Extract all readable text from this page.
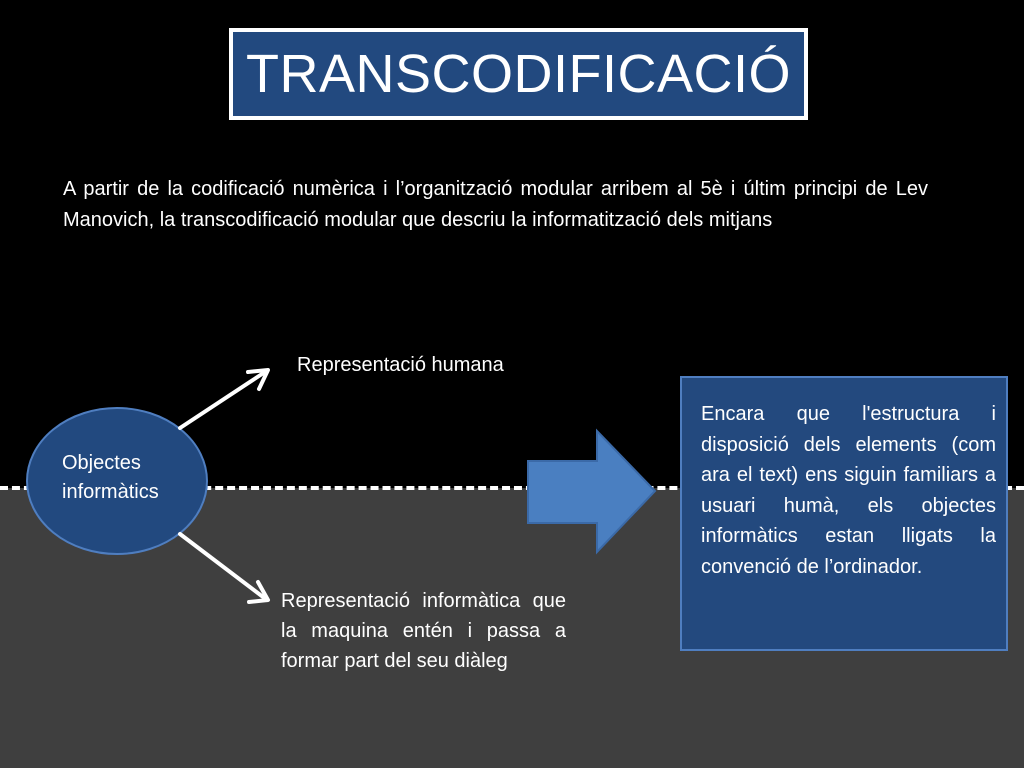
TRANSCODIFICACIÓ
A partir de la codificació numèrica i l’organització modular arribem al 5è i últim principi de Lev Manovich, la transcodificació modular que descriu la informatització dels mitjans
Objectes informàtics
Representació humana
Representació informàtica que la maquina entén i passa a formar part del seu diàleg
Encara que l'estructura i disposició dels elements (com ara el text) ens siguin familiars a usuari humà, els objectes informàtics estan lligats la convenció de l’ordinador.
